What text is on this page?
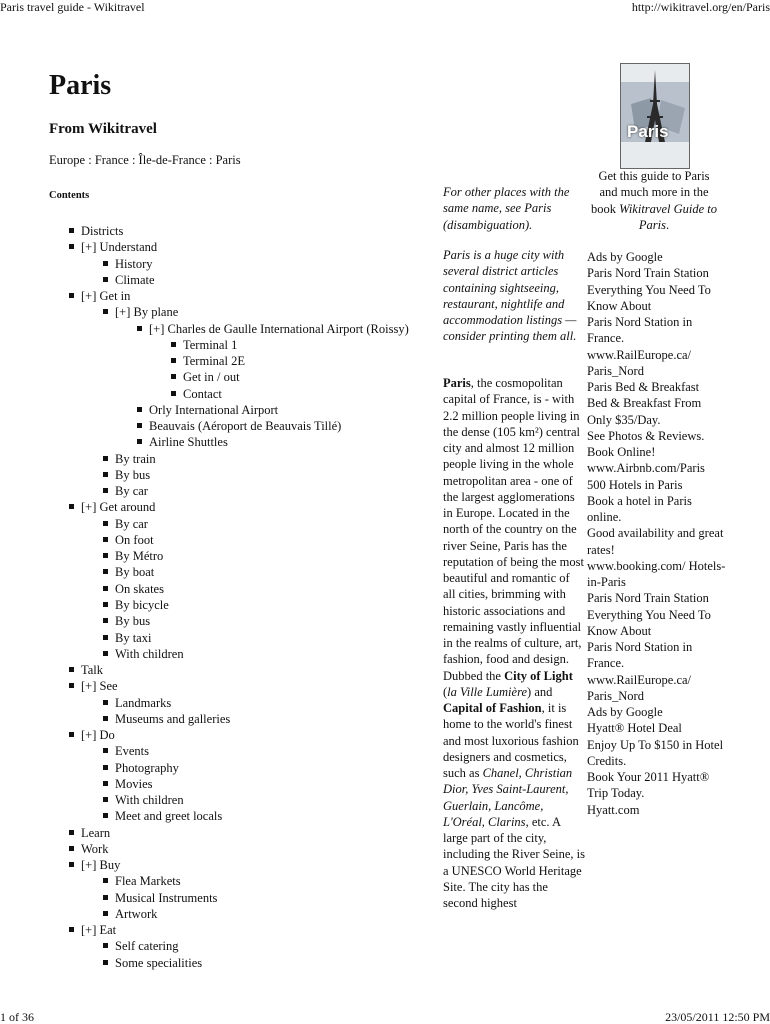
Paris travel guide - Wikitravel	http://wikitravel.org/en/Paris
Paris
From Wikitravel
Europe : France : Île-de-France : Paris
Contents
Districts
[+] Understand
History
Climate
[+] Get in
[+] By plane
[+] Charles de Gaulle International Airport (Roissy)
Terminal 1
Terminal 2E
Get in / out
Contact
Orly International Airport
Beauvais (Aéroport de Beauvais Tillé)
Airline Shuttles
By train
By bus
By car
[+] Get around
By car
On foot
By Métro
By boat
On skates
By bicycle
By bus
By taxi
With children
Talk
[+] See
Landmarks
Museums and galleries
[+] Do
Events
Photography
Movies
With children
Meet and greet locals
Learn
Work
[+] Buy
Flea Markets
Musical Instruments
Artwork
[+] Eat
Self catering
Some specialities
For other places with the same name, see Paris (disambiguation).
Paris is a huge city with several district articles containing sightseeing, restaurant, nightlife and accommodation listings — consider printing them all.

Paris, the cosmopolitan capital of France, is - with 2.2 million people living in the dense (105 km²) central city and almost 12 million people living in the whole metropolitan area - one of the largest agglomerations in Europe. Located in the north of the country on the river Seine, Paris has the reputation of being the most beautiful and romantic of all cities, brimming with historic associations and remaining vastly influential in the realms of culture, art, fashion, food and design. Dubbed the City of Light (la Ville Lumière) and Capital of Fashion, it is home to the world's finest and most luxorious fashion designers and cosmetics, such as Chanel, Christian Dior, Yves Saint-Laurent, Guerlain, Lancôme, L'Oréal, Clarins, etc. A large part of the city, including the River Seine, is a UNESCO World Heritage Site. The city has the second highest

Paris
Get this guide to Paris and much more in the book Wikitravel Guide to Paris.
Ads by Google
Paris Nord Train Station
Everything You Need To Know About
Paris Nord Station in France.
www.RailEurope.ca/ Paris_Nord
Paris Bed & Breakfast
Bed & Breakfast From Only $35/Day.
See Photos & Reviews. Book Online!
www.Airbnb.com/Paris
500 Hotels in Paris
Book a hotel in Paris online.
Good availability and great rates!
www.booking.com/ Hotels-in-Paris
Paris Nord Train Station
Everything You Need To Know About
Paris Nord Station in France.
www.RailEurope.ca/ Paris_Nord
Ads by Google
Hyatt® Hotel Deal
Enjoy Up To $150 in Hotel Credits.
Book Your 2011 Hyatt® Trip Today.
Hyatt.com
1 of 36	23/05/2011 12:50 PM
